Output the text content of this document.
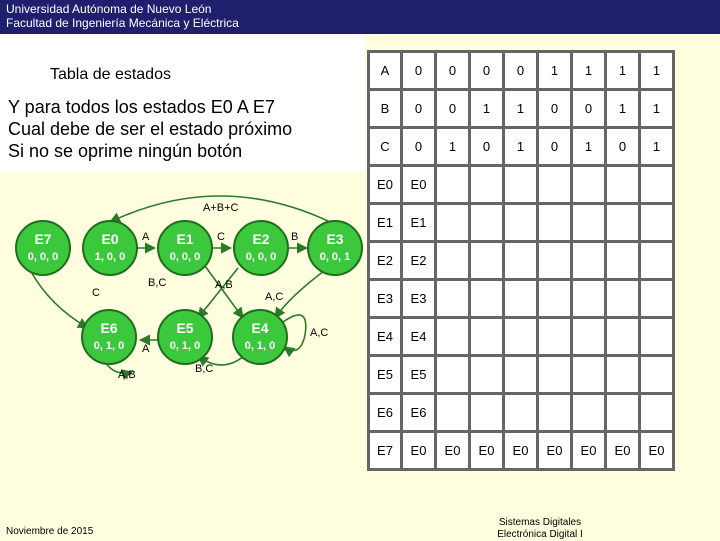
Universidad Autónoma de Nuevo León
Facultad de Ingeniería Mecánica y Eléctrica
Tabla de estados
Y para todos los estados E0 A E7
Cual debe de ser el estado próximo
Si no se oprime ningún botón
E7
0, 0, 0
E0
1, 0, 0
E1
0, 0, 0
E2
0, 0, 0
E3
0, 0, 1
E6
0, 1, 0
E5
0, 1, 0
E4
0, 1, 0
A+B+C
A	C	B
B,C	A,B
A,C
C
A,C
B,C
A
A,B
A	0	0	0	0	1	1	1	1
B	0	0	1	1	0	0	1	1
C	0	1	0	1	0	1	0	1
E0	E0							
E1	E1							
E2	E2							
E3	E3							
E4	E4							
E5	E5							
E6	E6							
E7	E0	E0	E0	E0	E0	E0	E0	E0
Noviembre de 2015
Sistemas Digitales
Electrónica Digital I
